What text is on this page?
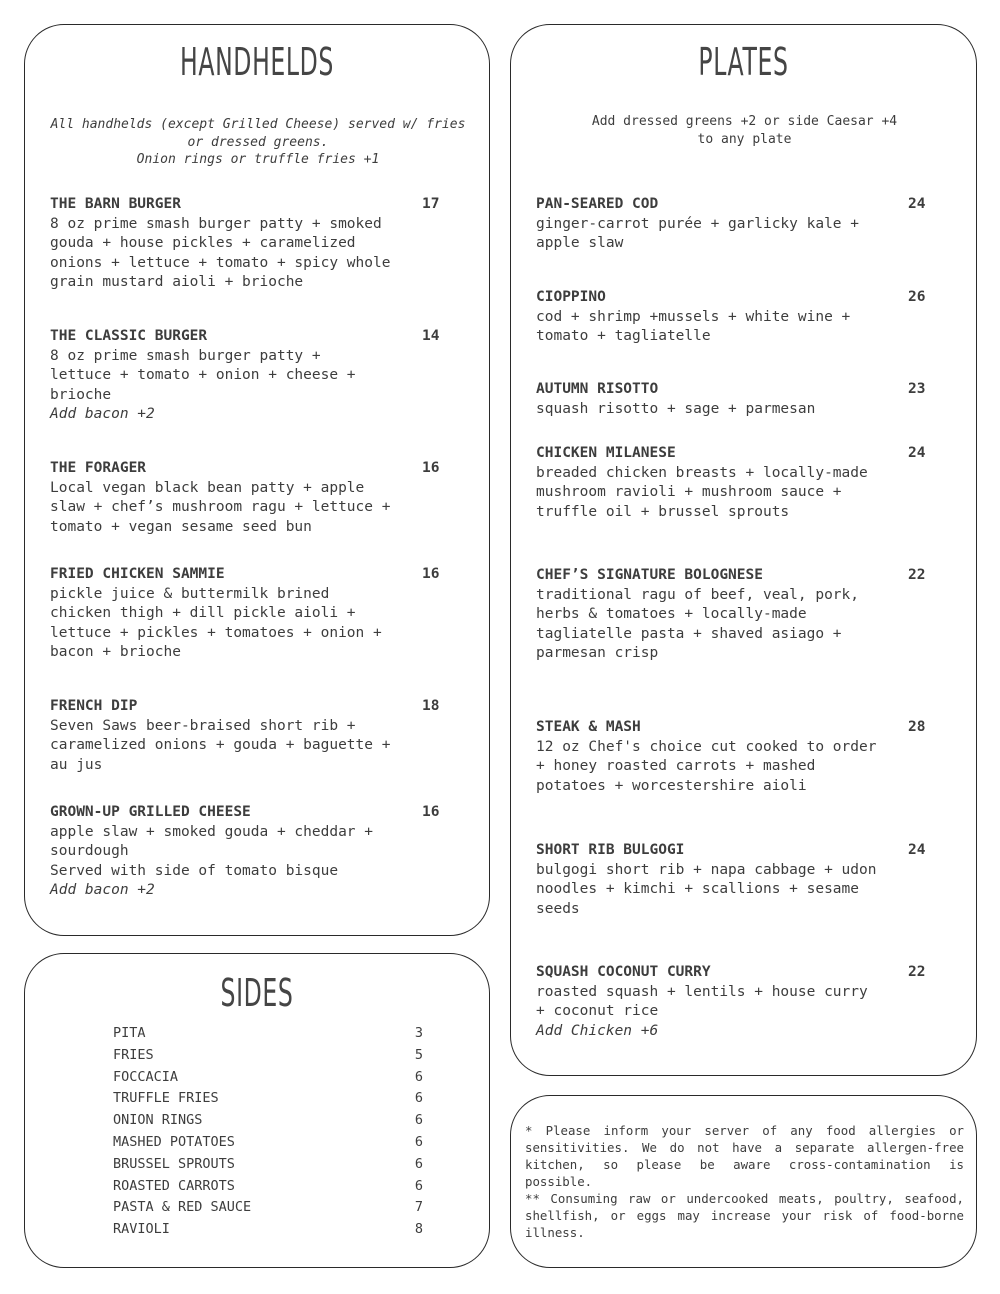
HANDHELDS
All handhelds (except Grilled Cheese) served w/ fries
or dressed greens.
Onion rings or truffle fries +1
THE BARN BURGER	17
8 oz prime smash burger patty + smoked
gouda + house pickles + caramelized
onions + lettuce + tomato + spicy whole
grain mustard aioli + brioche
THE CLASSIC BURGER	14
8 oz prime smash burger patty +
lettuce + tomato + onion + cheese +
brioche
Add bacon +2
THE FORAGER	16
Local vegan black bean patty + apple
slaw + chef’s mushroom ragu + lettuce +
tomato + vegan sesame seed bun
FRIED CHICKEN SAMMIE	16
pickle juice & buttermilk brined
chicken thigh + dill pickle aioli +
lettuce + pickles + tomatoes + onion +
bacon + brioche
FRENCH DIP	18
Seven Saws beer-braised short rib +
caramelized onions + gouda + baguette +
au jus
GROWN-UP GRILLED CHEESE	16
apple slaw + smoked gouda + cheddar +
sourdough
Served with side of tomato bisque
Add bacon +2
SIDES
PITA	3
FRIES	5
FOCCACIA	6
TRUFFLE FRIES	6
ONION RINGS	6
MASHED POTATOES	6
BRUSSEL SPROUTS	6
ROASTED CARROTS	6
PASTA & RED SAUCE	7
RAVIOLI	8
PLATES
Add dressed greens +2 or side Caesar +4
to any plate
PAN-SEARED COD	24
ginger-carrot purée + garlicky kale +
apple slaw
CIOPPINO	26
cod + shrimp +mussels + white wine +
tomato + tagliatelle
AUTUMN RISOTTO	23
squash risotto + sage + parmesan
CHICKEN MILANESE	24
breaded chicken breasts + locally-made
mushroom ravioli + mushroom sauce +
truffle oil + brussel sprouts
CHEF’S SIGNATURE BOLOGNESE	22
traditional ragu of beef, veal, pork,
herbs & tomatoes + locally-made
tagliatelle pasta + shaved asiago +
parmesan crisp
STEAK & MASH	28
12 oz Chef's choice cut cooked to order
+ honey roasted carrots + mashed
potatoes + worcestershire aioli
SHORT RIB BULGOGI	24
bulgogi short rib + napa cabbage + udon
noodles + kimchi + scallions + sesame
seeds
SQUASH COCONUT CURRY	22
roasted squash + lentils + house curry
+ coconut rice
Add Chicken +6
* Please inform your server of any food allergies or sensitivities. We do not have a separate allergen-free kitchen, so please be aware cross-contamination is possible.
** Consuming raw or undercooked meats, poultry, seafood, shellfish, or eggs may increase your risk of food-borne illness.
